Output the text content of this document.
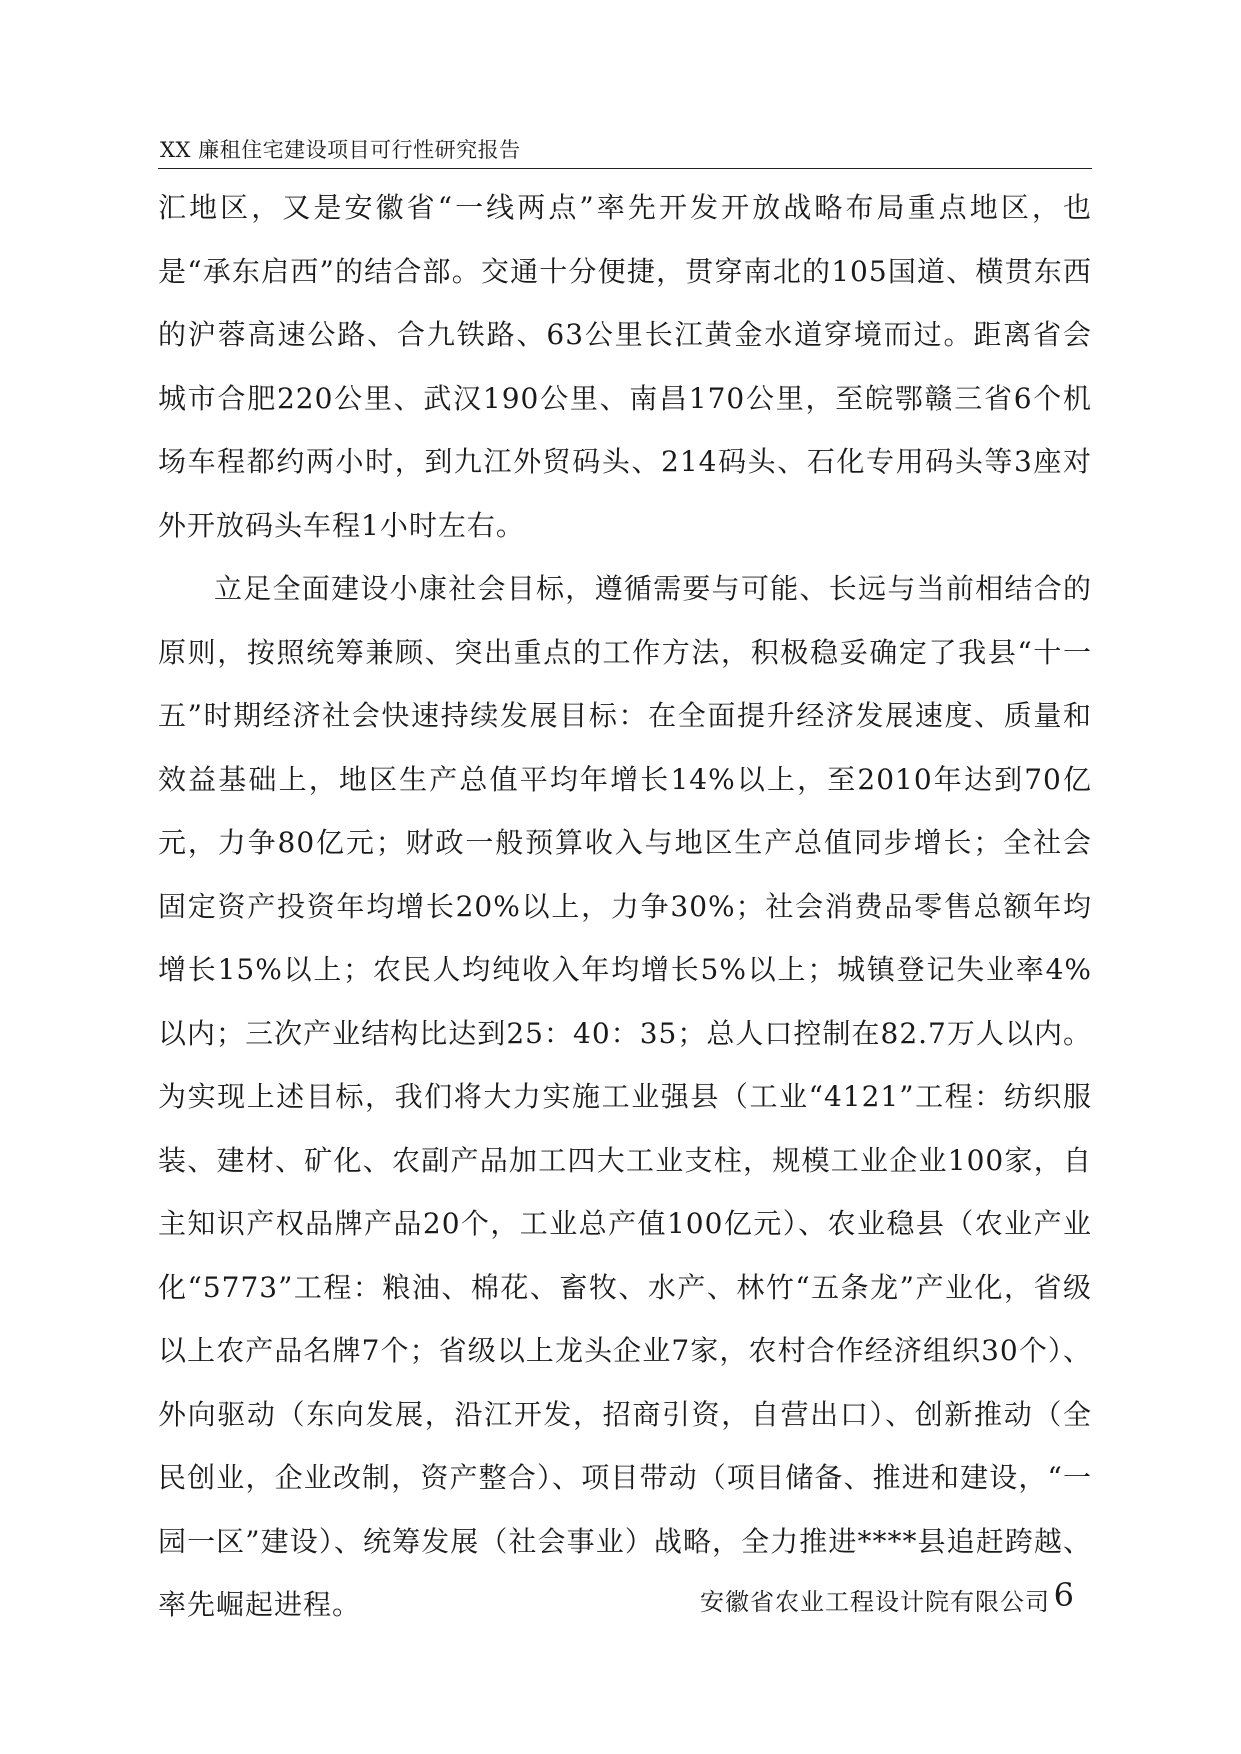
XX 廉租住宅建设项目可行性研究报告

汇地区，又是安徽省“一线两点”率先开发开放战略布局重点地区，也是“承东启西”的结合部。交通十分便捷，贯穿南北的105国道、横贯东西的沪蓉高速公路、合九铁路、63公里长江黄金水道穿境而过。距离省会城市合肥220公里、武汉190公里、南昌170公里，至皖鄂赣三省6个机场车程都约两小时，到九江外贸码头、214码头、石化专用码头等3座对外开放码头车程1小时左右。

立足全面建设小康社会目标，遵循需要与可能、长远与当前相结合的原则，按照统筹兼顾、突出重点的工作方法，积极稳妥确定了我县“十一五”时期经济社会快速持续发展目标：在全面提升经济发展速度、质量和效益基础上，地区生产总值平均年增长14%以上，至2010年达到70亿元，力争80亿元；财政一般预算收入与地区生产总值同步增长；全社会固定资产投资年均增长20%以上，力争30%；社会消费品零售总额年均增长15%以上；农民人均纯收入年均增长5%以上；城镇登记失业率4%以内；三次产业结构比达到25：40：35；总人口控制在82.7万人以内。为实现上述目标，我们将大力实施工业强县（工业“4121”工程：纺织服装、建材、矿化、农副产品加工四大工业支柱，规模工业企业100家，自主知识产权品牌产品20个，工业总产值100亿元）、农业稳县（农业产业化“5773”工程：粮油、棉花、畜牧、水产、林竹“五条龙”产业化，省级以上农产品名牌7个；省级以上龙头企业7家，农村合作经济组织30个）、外向驱动（东向发展，沿江开发，招商引资，自营出口）、创新推动（全民创业，企业改制，资产整合）、项目带动（项目储备、推进和建设，“一园一区”建设）、统筹发展（社会事业）战略，全力推进****县追赶跨越、率先崛起进程。	安徽省农业工程设计院有限公司 6
